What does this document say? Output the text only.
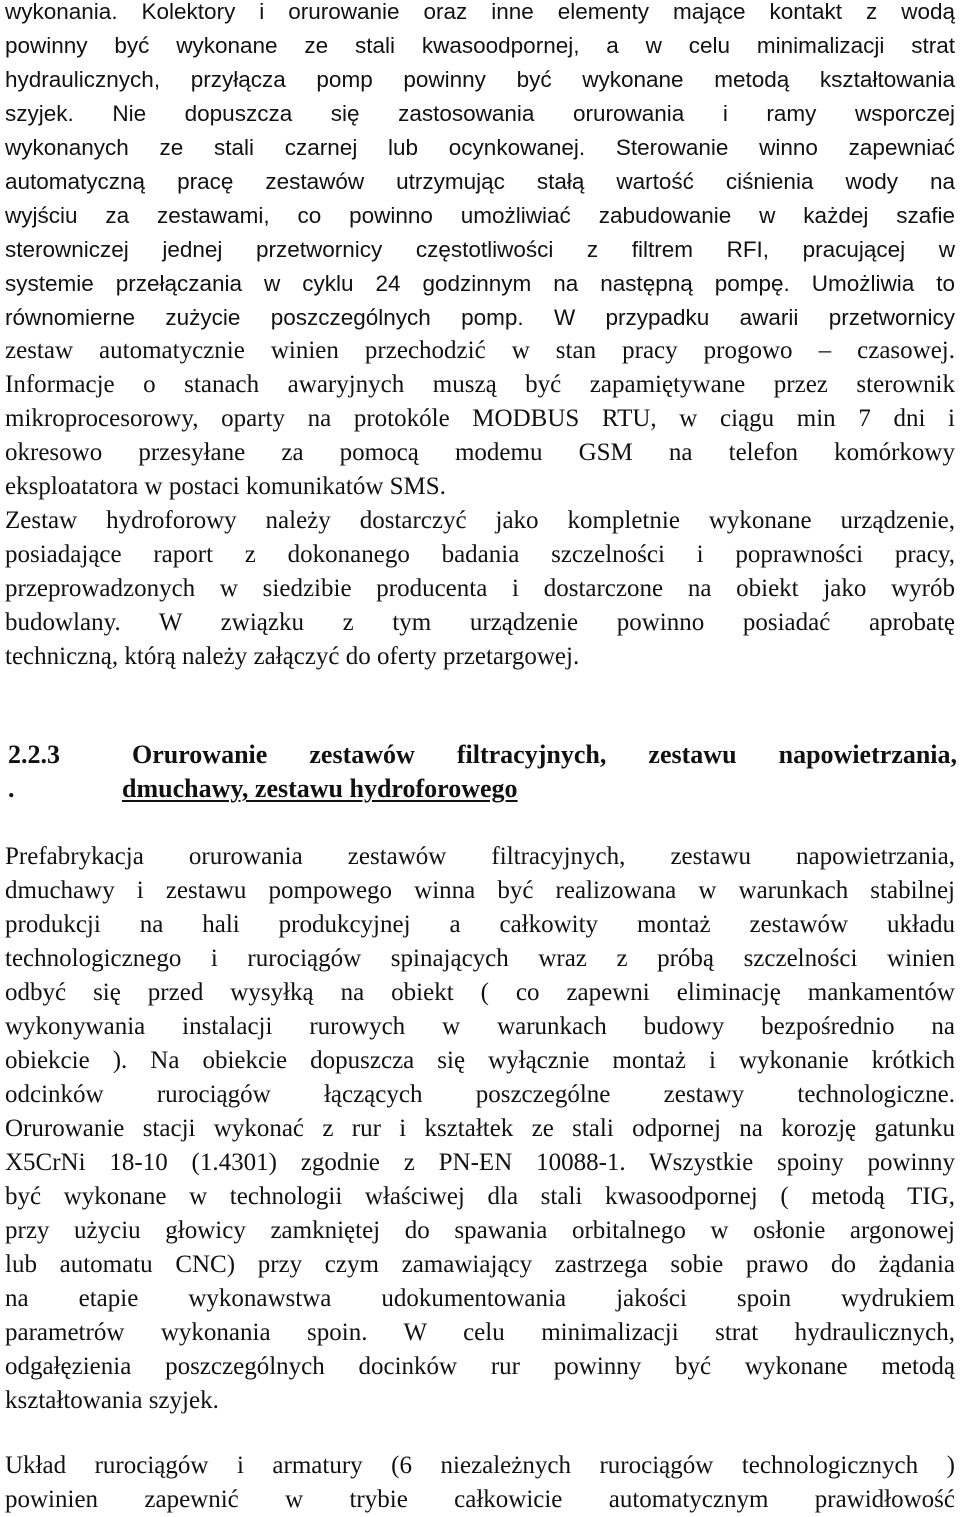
wykonania. Kolektory i orurowanie oraz inne elementy mające kontakt z wodą
powinny być wykonane ze stali kwasoodpornej, a w celu minimalizacji strat
hydraulicznych, przyłącza pomp powinny być wykonane metodą kształtowania
szyjek. Nie dopuszcza się zastosowania orurowania i ramy wsporczej
wykonanych ze stali czarnej lub ocynkowanej. Sterowanie winno zapewniać
automatyczną pracę zestawów utrzymując stałą wartość ciśnienia wody na
wyjściu za zestawami, co powinno umożliwiać zabudowanie w każdej szafie
sterowniczej jednej przetwornicy częstotliwości z filtrem RFI, pracującej w
systemie przełączania w cyklu 24 godzinnym na następną pompę. Umożliwia to
równomierne zużycie poszczególnych pomp. W przypadku awarii przetwornicy
zestaw automatycznie winien przechodzić w stan pracy progowo – czasowej.
Informacje o stanach awaryjnych muszą być zapamiętywane przez sterownik
mikroprocesorowy, oparty na protokóle MODBUS RTU, w ciągu min 7 dni i
okresowo przesyłane za pomocą modemu GSM na telefon komórkowy
eksploatatora w postaci komunikatów SMS.
Zestaw hydroforowy należy dostarczyć jako kompletnie wykonane urządzenie,
posiadające raport z dokonanego badania szczelności i poprawności pracy,
przeprowadzonych w siedzibie producenta i dostarczone na obiekt jako wyrób
budowlany. W związku z tym urządzenie powinno posiadać aprobatę
techniczną, którą należy załączyć do oferty przetargowej.
2.2.3	Orurowanie zestawów filtracyjnych, zestawu napowietrzania,
.	dmuchawy, zestawu hydroforowego
Prefabrykacja orurowania zestawów filtracyjnych, zestawu napowietrzania,
dmuchawy i zestawu pompowego winna być realizowana w warunkach stabilnej
produkcji na hali produkcyjnej a całkowity montaż zestawów układu
technologicznego i rurociągów spinających wraz z próbą szczelności winien
odbyć się przed wysyłką na obiekt ( co zapewni eliminację mankamentów
wykonywania instalacji rurowych w warunkach budowy bezpośrednio na
obiekcie ). Na obiekcie dopuszcza się wyłącznie montaż i wykonanie krótkich
odcinków rurociągów łączących poszczególne zestawy technologiczne.
Orurowanie stacji wykonać z rur i kształtek ze stali odpornej na korozję gatunku
X5CrNi 18-10 (1.4301) zgodnie z PN-EN 10088-1. Wszystkie spoiny powinny
być wykonane w technologii właściwej dla stali kwasoodpornej ( metodą TIG,
przy użyciu głowicy zamkniętej do spawania orbitalnego w osłonie argonowej
lub automatu CNC) przy czym zamawiający zastrzega sobie prawo do żądania
na etapie wykonawstwa udokumentowania jakości spoin wydrukiem
parametrów wykonania spoin. W celu minimalizacji strat hydraulicznych,
odgałęzienia poszczególnych docinków rur powinny być wykonane metodą
kształtowania szyjek.
Układ rurociągów i armatury (6 niezależnych rurociągów technologicznych )
powinien zapewnić w trybie całkowicie automatycznym prawidłowość
